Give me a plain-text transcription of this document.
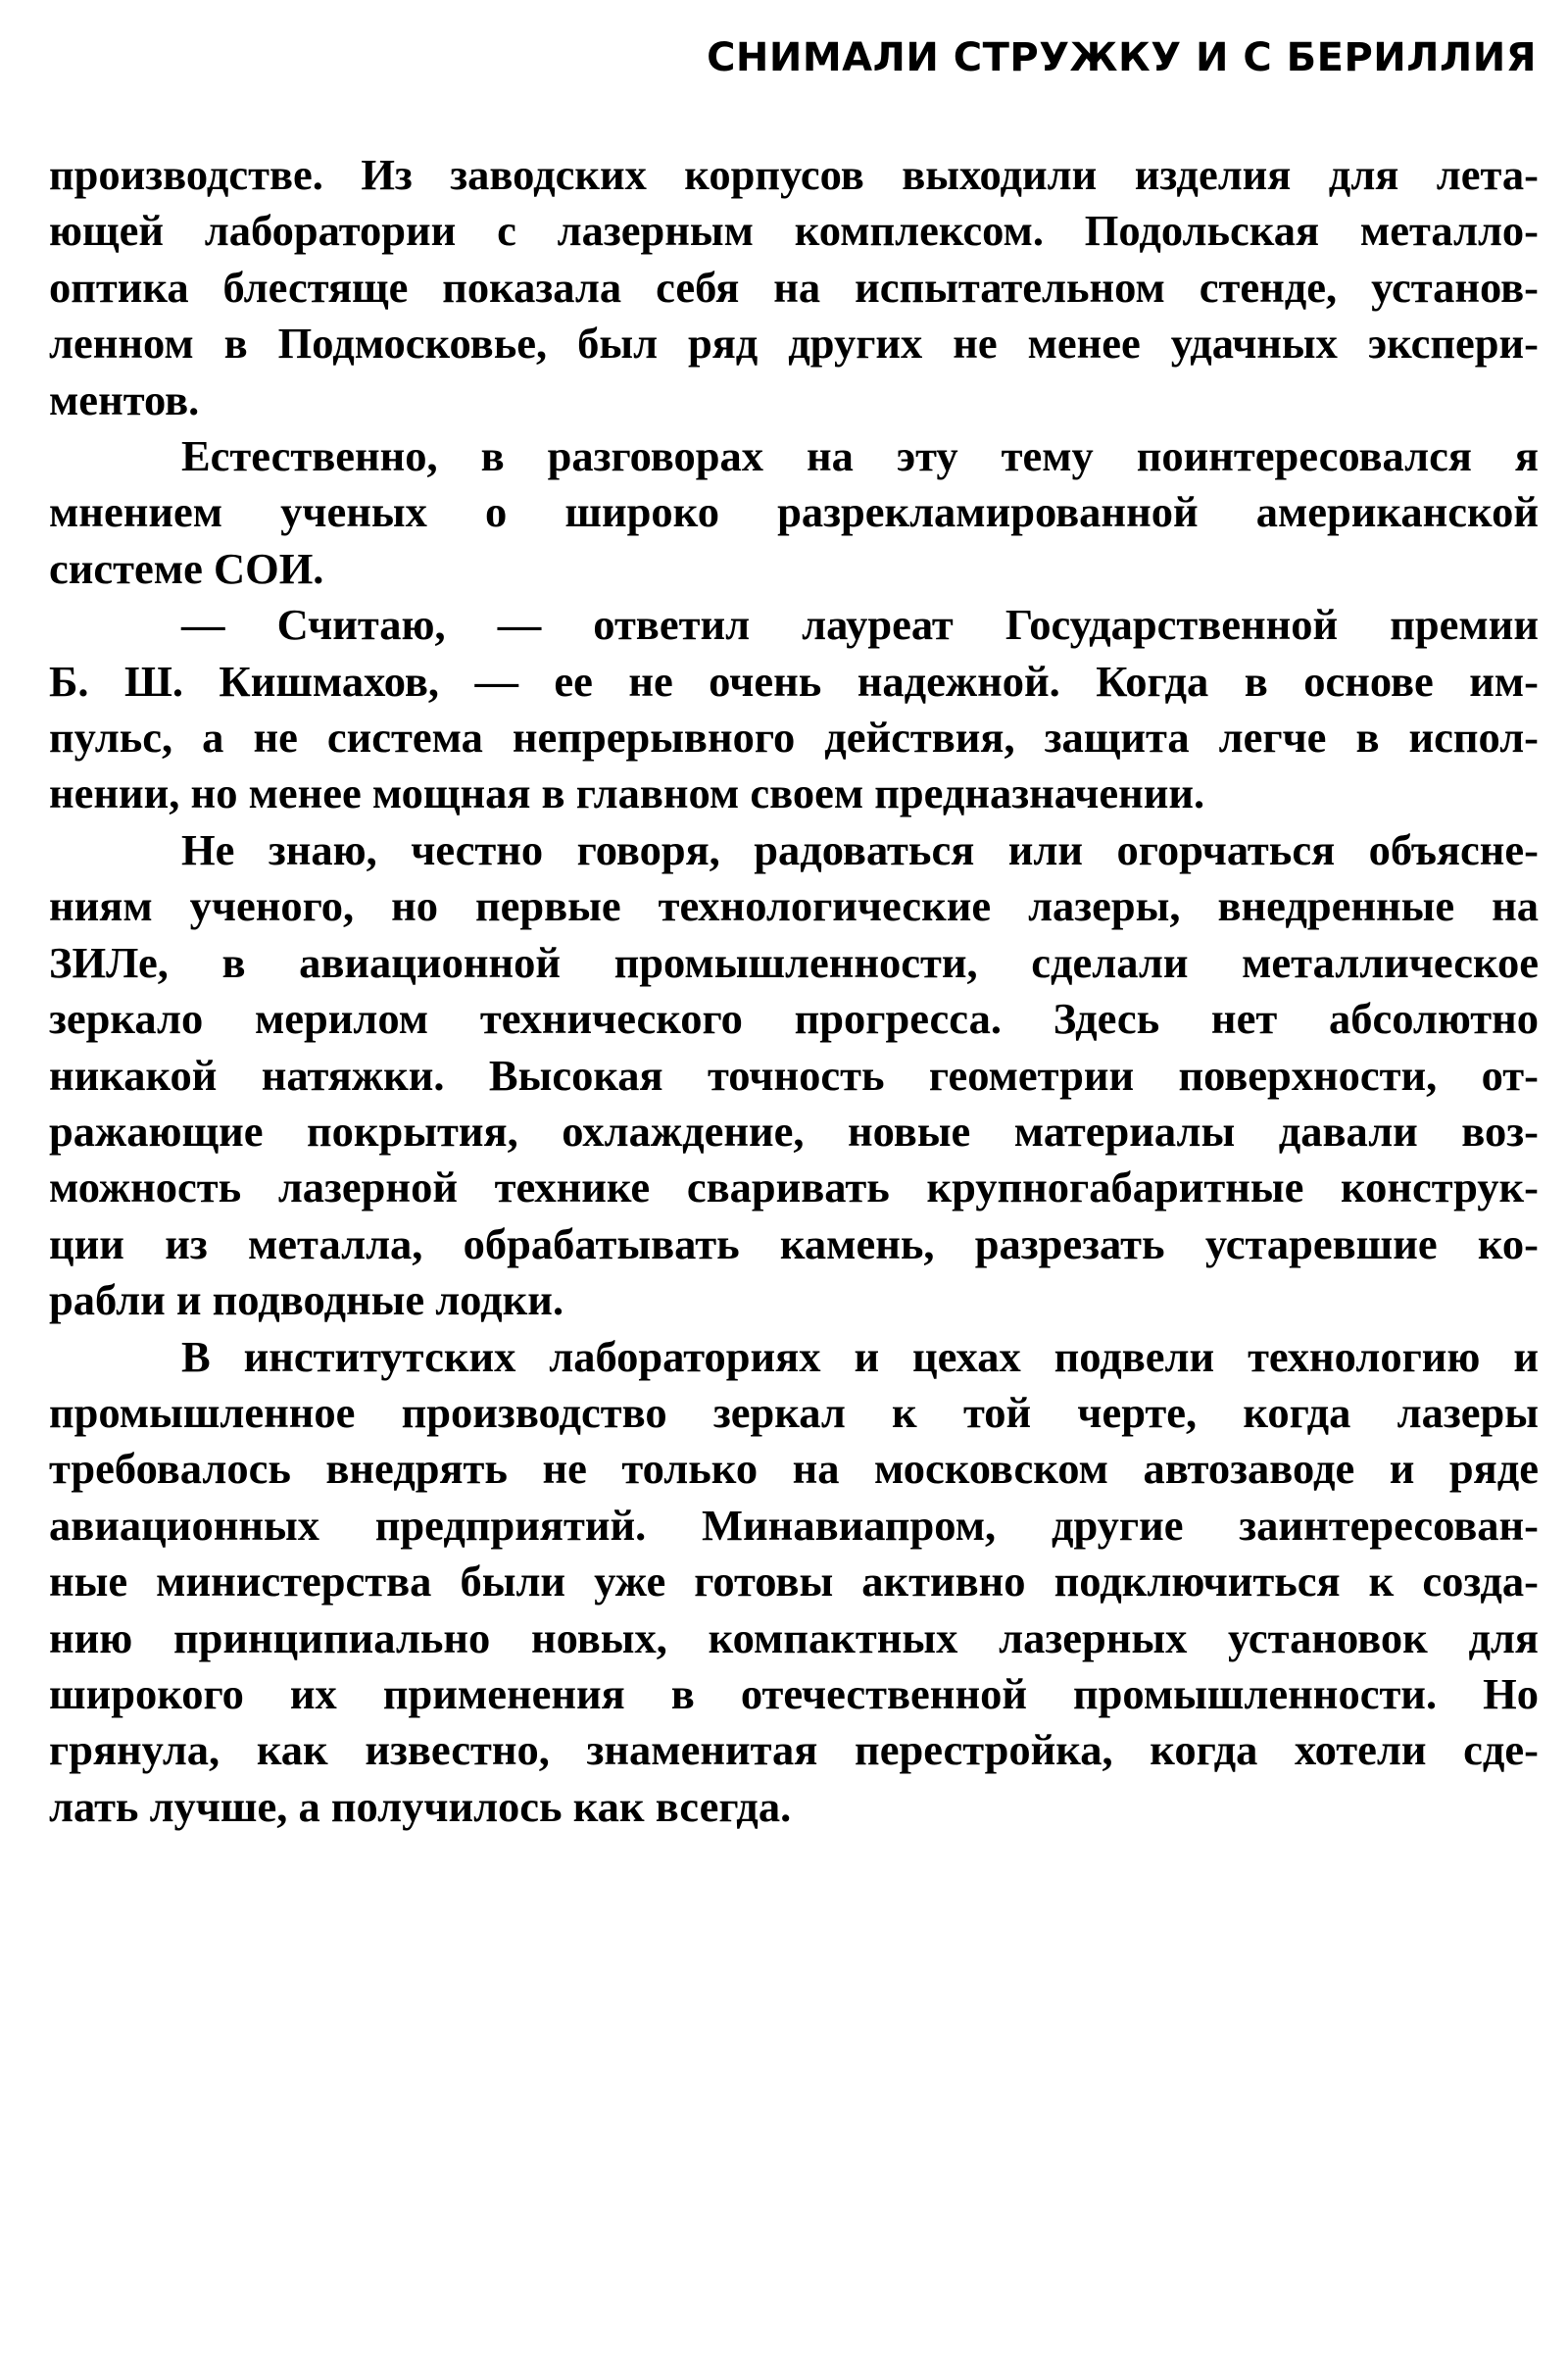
СНИМАЛИ СТРУЖКУ И С БЕРИЛЛИЯ
производстве. Из заводских корпусов выходили изделия для лета-
ющей лаборатории с лазерным комплексом. Подольская металло-
оптика блестяще показала себя на испытательном стенде, установ-
ленном в Подмосковье, был ряд других не менее удачных экспери-
ментов.
Естественно, в разговорах на эту тему поинтересовался я
мнением ученых о широко разрекламированной американской
системе СОИ.
— Считаю, — ответил лауреат Государственной премии
Б. Ш. Кишмахов, — ее не очень надежной. Когда в основе им-
пульс, а не система непрерывного действия, защита легче в испол-
нении, но менее мощная в главном своем предназначении.
Не знаю, честно говоря, радоваться или огорчаться объясне-
ниям ученого, но первые технологические лазеры, внедренные на
ЗИЛе, в авиационной промышленности, сделали металлическое
зеркало мерилом технического прогресса. Здесь нет абсолютно
никакой натяжки. Высокая точность геометрии поверхности, от-
ражающие покрытия, охлаждение, новые материалы давали воз-
можность лазерной технике сваривать крупногабаритные конструк-
ции из металла, обрабатывать камень, разрезать устаревшие ко-
рабли и подводные лодки.
В институтских лабораториях и цехах подвели технологию и
промышленное производство зеркал к той черте, когда лазеры
требовалось внедрять не только на московском автозаводе и ряде
авиационных предприятий. Минавиапром, другие заинтересован-
ные министерства были уже готовы активно подключиться к созда-
нию принципиально новых, компактных лазерных установок для
широкого их применения в отечественной промышленности. Но
грянула, как известно, знаменитая перестройка, когда хотели сде-
лать лучше, а получилось как всегда.
